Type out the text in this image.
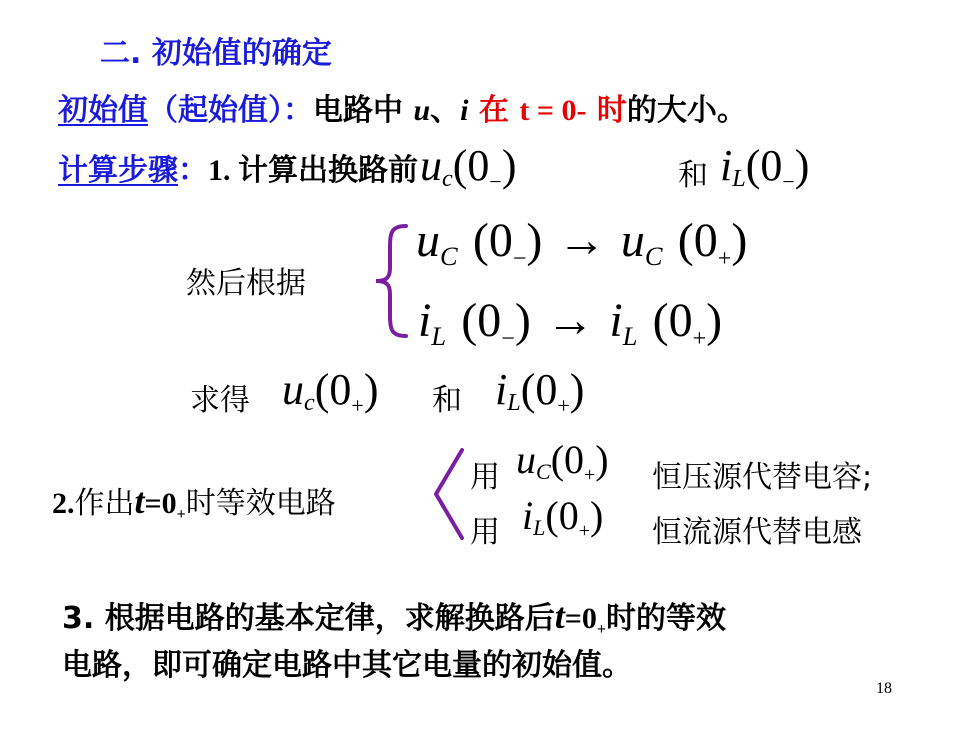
二. 初始值的确定
初始值（起始值）：电路中 u、i 在 t = 0- 时的大小。
计算步骤：1. 计算出换路前 $uc(0_-)$	和 $iL(0_-)$
然后根据
uC (0−) → uC (0+)
iL (0−) → iL (0+)
求得 $uc(0_+)$ 和 $iL(0_+)$
2.作出$t=0_+$时等效电路
用 $uC(0_+)$ 恒压源代替电容;
用 $iL(0_+)$ 恒流源代替电感
3. 根据电路的基本定律，求解换路后$t=0_+$时的等效
电路，即可确定电路中其它电量的初始值。
18
